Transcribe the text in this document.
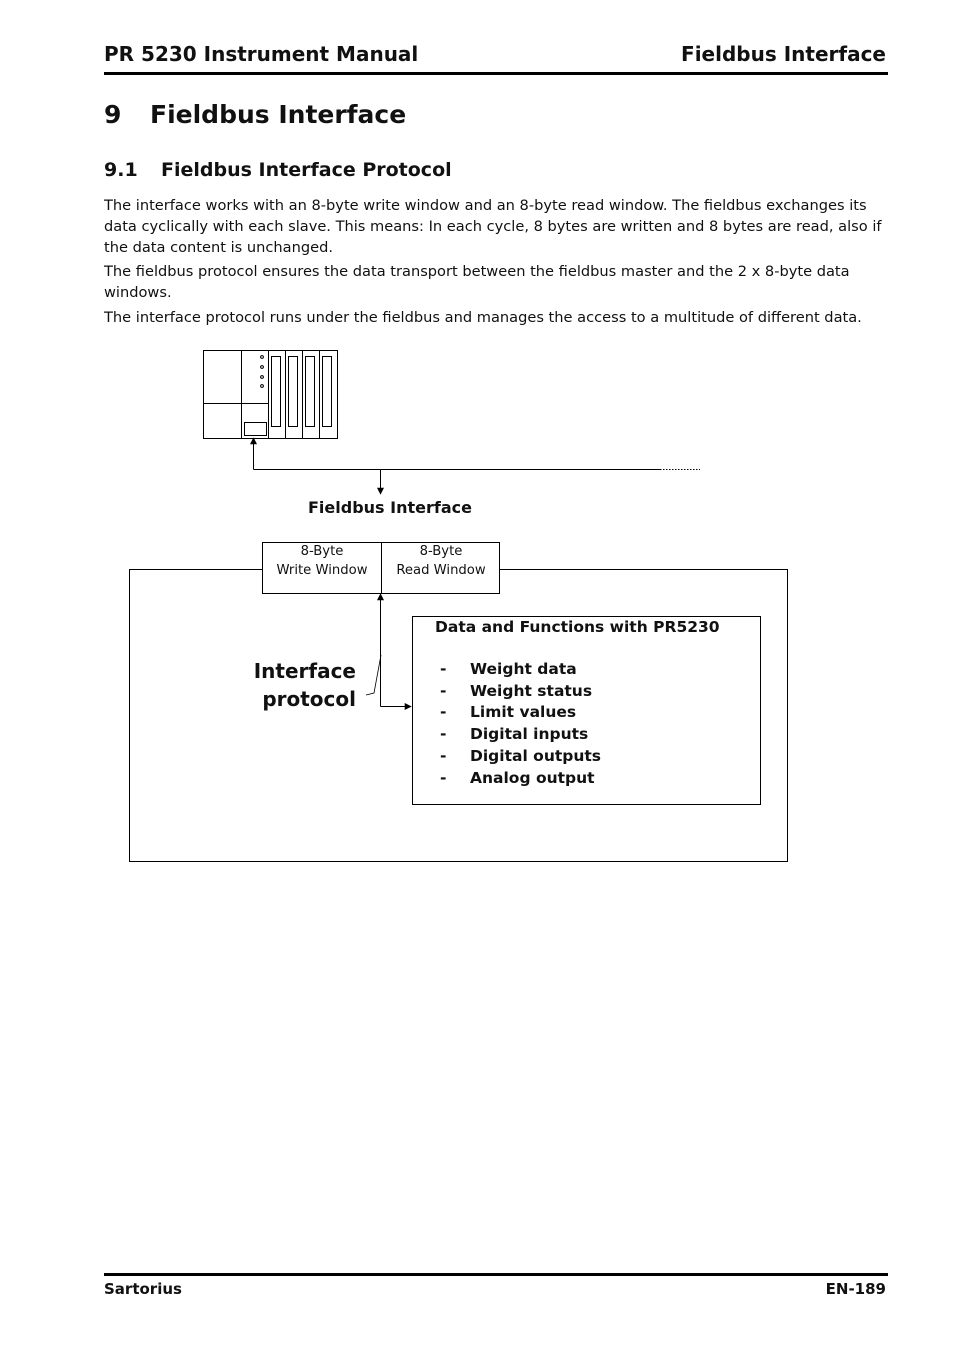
PR 5230 Instrument Manual	Fieldbus Interface
9 Fieldbus Interface
9.1 Fieldbus Interface Protocol

The interface works with an 8-byte write window and an 8-byte read window. The fieldbus exchanges its data cyclically with each slave. This means: In each cycle, 8 bytes are written and 8 bytes are read, also if the data content is unchanged.

The fieldbus protocol ensures the data transport between the fieldbus master and the 2 x 8-byte data windows.

The interface protocol runs under the fieldbus and manages the access to a multitude of different data.

Fieldbus Interface
8-Byte
Write Window
8-Byte
Read Window
Interface
protocol
Data and Functions with PR5230
- Weight data
- Weight status
- Limit values
- Digital inputs
- Digital outputs
- Analog output
Sartorius	EN-189
